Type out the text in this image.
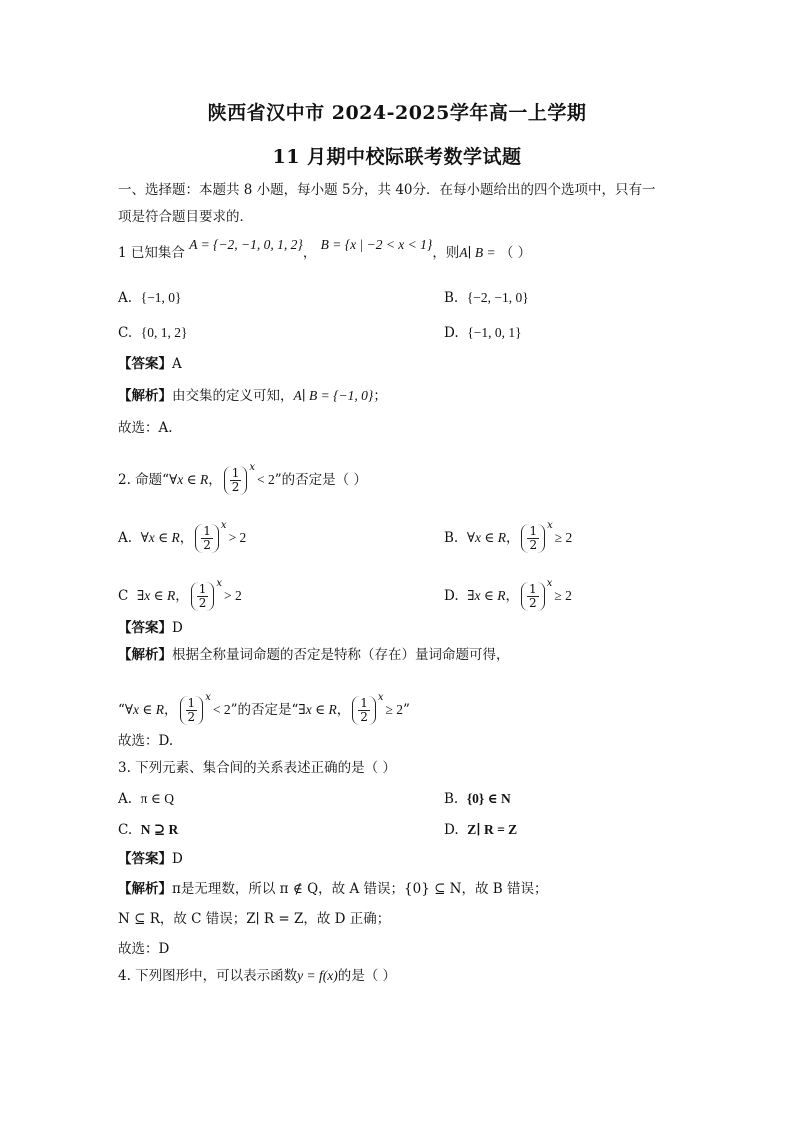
陕西省汉中市 2024-2025学年高一上学期
11 月期中校际联考数学试题
一、选择题：本题共 8 小题，每小题 5分，共 40分．在每小题给出的四个选项中，只有一
项是符合题目要求的．
1 已知集合 A = {−2, −1, 0, 1, 2}， B = {x | −2 < x < 1}，则A∣ B = （ ）
A. {−1, 0}	B. {−2, −1, 0}
C. {0, 1, 2}	D. {−1, 0, 1}
【答案】A
【解析】由交集的定义可知，A∣ B = {−1, 0}；
故选：A.
2. 命题“∀x ∈ R， $\frac{1}{2} ^x< 2$”的否定是（ ）
A. ∀x ∈ R， $\frac{1}{2} ^x> 2$	B. ∀x ∈ R， $\frac{1}{2} ^x\ge 2$
C ∃x ∈ R， $\frac{1}{2} ^x> 2$	D. ∃x ∈ R， $\frac{1}{2} ^x\ge 2$
【答案】D
【解析】根据全称量词命题的否定是特称（存在）量词命题可得，
“∀x ∈ R， $\frac{1}{2} ^x< 2$”的否定是“∃x ∈ R， $\frac{1}{2} ^x\ge 2$”
故选：D.
3. 下列元素、集合间的关系表述正确的是（ ）
A. π ∈ Q	B. {0} ∈ N
C. N ⊇ R	D. Z∣ R = Z
【答案】D
【解析】π是无理数，所以 π ∉ Q，故 A 错误；{0} ⊆ N，故 B 错误；
N ⊆ R，故 C 错误；Z∣ R = Z，故 D 正确；
故选：D
4. 下列图形中，可以表示函数y = f(x)的是（ ）
